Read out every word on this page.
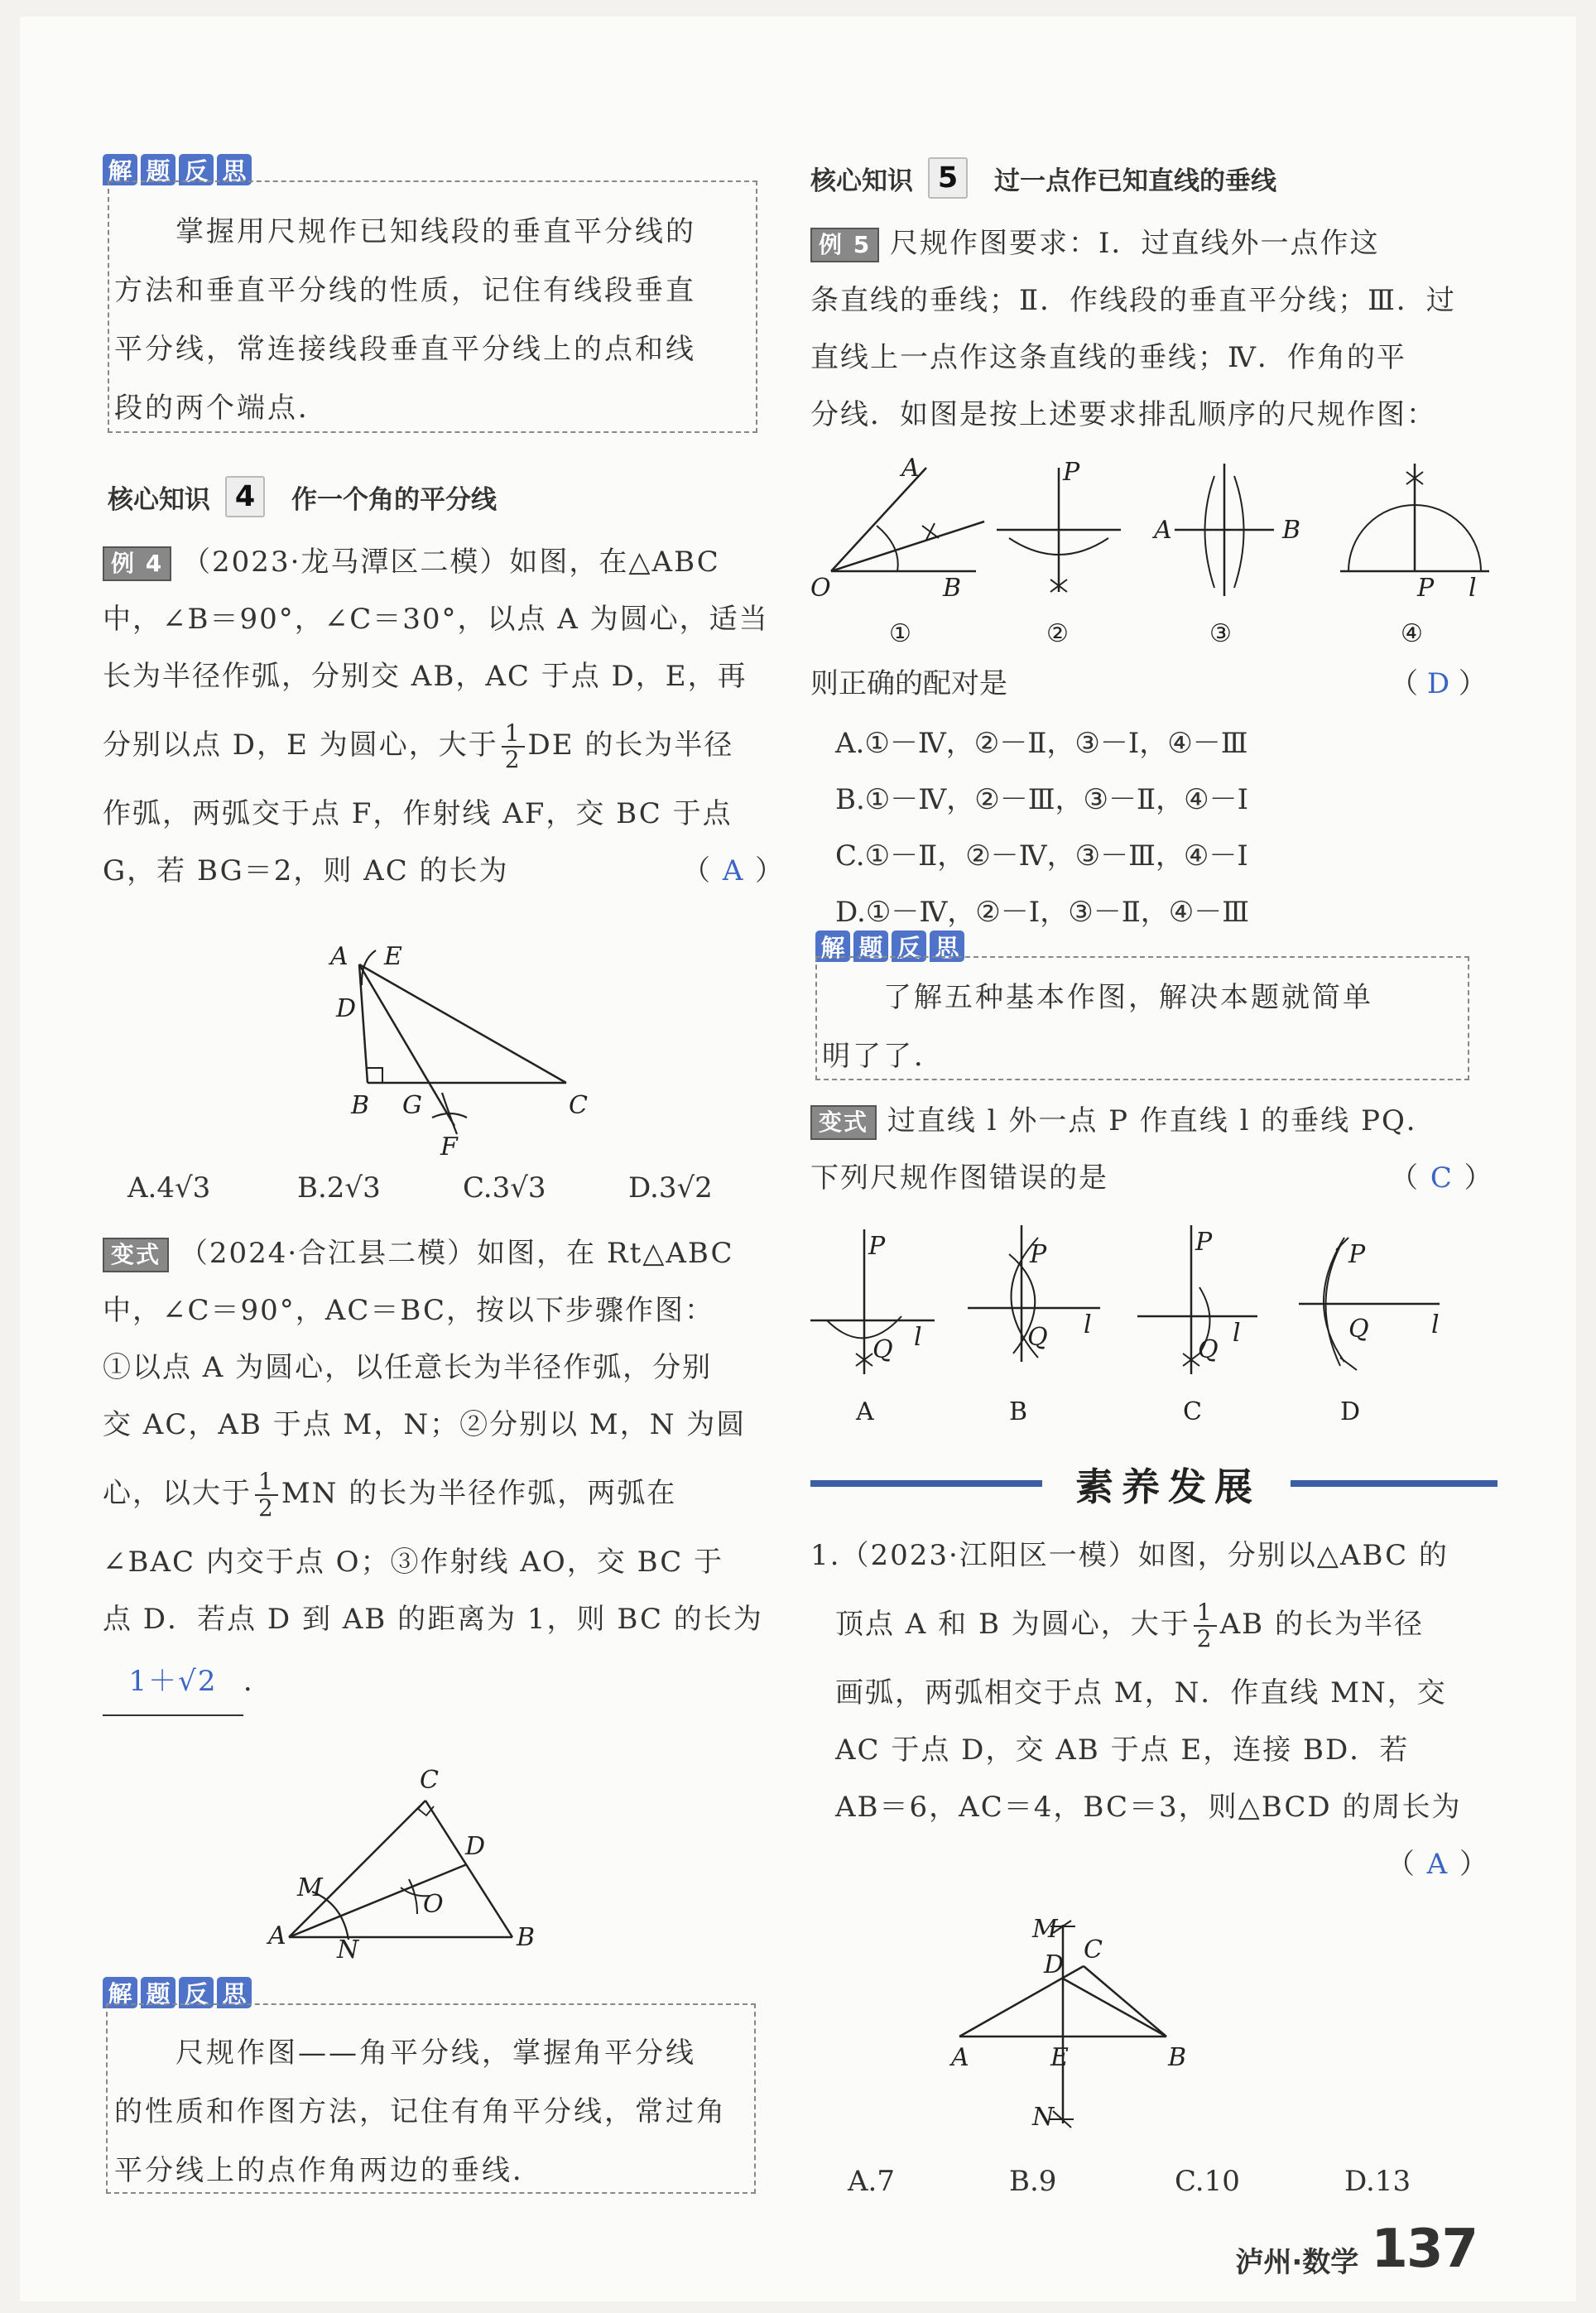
解 题 反 思
　　掌握用尺规作已知线段的垂直平分线的
方法和垂直平分线的性质，记住有线段垂直
平分线，常连接线段垂直平分线上的点和线
段的两个端点．
核心知识 4	作一个角的平分线
例 4 （2023·龙马潭区二模）如图，在△ABC
中，∠B＝90°，∠C＝30°，以点 A 为圆心，适当
长为半径作弧，分别交 AB，AC 于点 D，E，再
分别以点 D，E 为圆心，大于 $\frac{1}{2}$ DE 的长为半径
作弧，两弧交于点 F，作射线 AF，交 BC 于点
G，若 BG＝2，则 AC 的长为	（ A ）
A E
D
B G	C
F
A.4√3	B.2√3	C.3√3	D.3√2
变式 （2024·合江县二模）如图，在 Rt△ABC
中，∠C＝90°，AC＝BC，按以下步骤作图：
①以点 A 为圆心，以任意长为半径作弧，分别
交 AC，AB 于点 M，N；②分别以 M，N 为圆
心，以大于 $\frac{1}{2}$ MN 的长为半径作弧，两弧在
∠BAC 内交于点 O；③作射线 AO，交 BC 于
点 D．若点 D 到 AB 的距离为 1，则 BC 的长为
1＋√2 ．
C
D
M
O
A N	B
解 题 反 思
　　尺规作图——角平分线，掌握角平分线
的性质和作图方法，记住有角平分线，常过角
平分线上的点作角两边的垂线．
核心知识 5	过一点作已知直线的垂线
例 5 尺规作图要求：Ⅰ．过直线外一点作这
条直线的垂线；Ⅱ．作线段的垂直平分线；Ⅲ．过
直线上一点作这条直线的垂线；Ⅳ．作角的平
分线．如图是按上述要求排乱顺序的尺规作图：
A
O	B
①
P
②
A	B
③
P l
④
则正确的配对是	（ D ）
A.①－Ⅳ，②－Ⅱ，③－Ⅰ，④－Ⅲ
B.①－Ⅳ，②－Ⅲ，③－Ⅱ，④－Ⅰ
C.①－Ⅱ，②－Ⅳ，③－Ⅲ，④－Ⅰ
D.①－Ⅳ，②－Ⅰ，③－Ⅱ，④－Ⅲ
解 题 反 思
　　了解五种基本作图，解决本题就简单
明了了．
变式 过直线 l 外一点 P 作直线 l 的垂线 PQ．
下列尺规作图错误的是	（ C ）
P
Q l
A
P
Q l
B
P
Q
l
C
P
Q	l
D
1.（2023·江阳区一模）如图，分别以△ABC 的
顶点 A 和 B 为圆心，大于 $\frac{1}{2}$ AB 的长为半径
画弧，两弧相交于点 M，N．作直线 MN，交
AC 于点 D，交 AB 于点 E，连接 BD．若
AB＝6，AC＝4，BC＝3，则△BCD 的周长为
（ A ）
M
C
D
A	E	B
N
A.7	B.9	C.10	D.13
素养发展
泸州·数学 137
